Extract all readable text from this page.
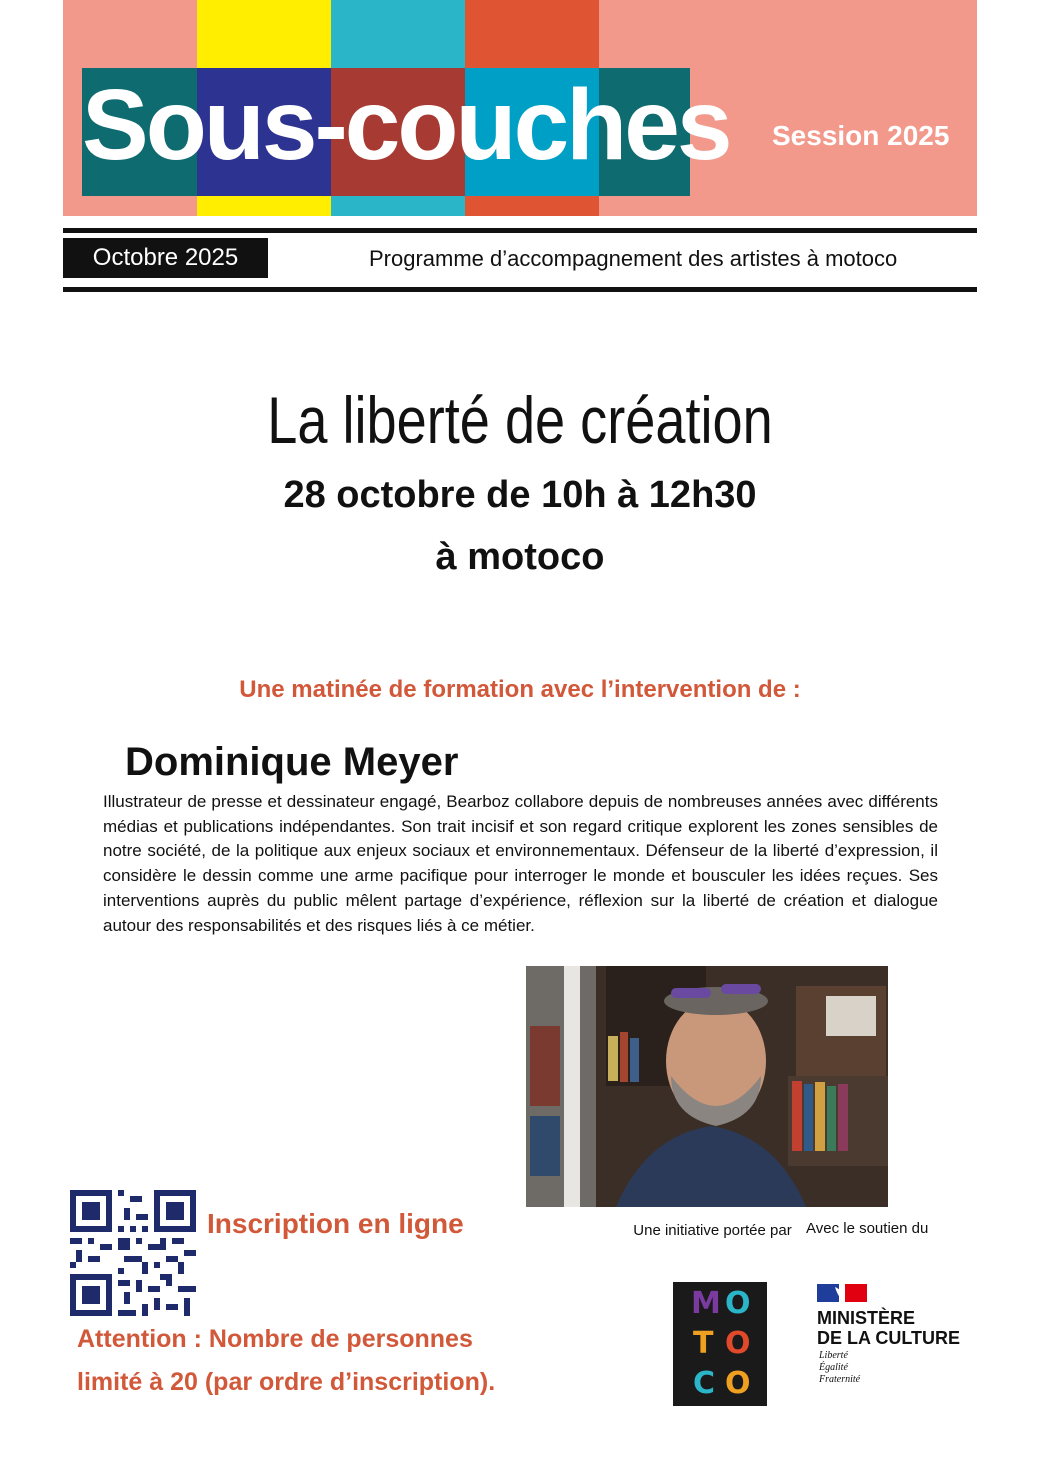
Sous-couches Session 2025
Octobre 2025	Programme d’accompagnement des artistes à motoco
La liberté de création
28 octobre de 10h à 12h30
à motoco
Une matinée de formation avec l’intervention de :
Dominique Meyer
Illustrateur de presse et dessinateur engagé, Bearboz collabore depuis de nombreuses années avec différents médias et publications indépendantes. Son trait incisif et son regard critique explorent les zones sensibles de notre société, de la politique aux enjeux sociaux et environnementaux. Défenseur de la liberté d’expression, il considère le dessin comme une arme pacifique pour interroger le monde et bousculer les idées reçues. Ses interventions auprès du public mêlent partage d’expérience, réflexion sur la liberté de création et dialogue autour des responsabilités et des risques liés à ce métier.
Inscription en ligne
Attention : Nombre de personnes
limité à 20 (par ordre d’inscription).
Une initiative portée par Avec le soutien du
M O
T O
C O
MINISTÈRE
DE LA CULTURE
Liberté
Égalité
Fraternité
